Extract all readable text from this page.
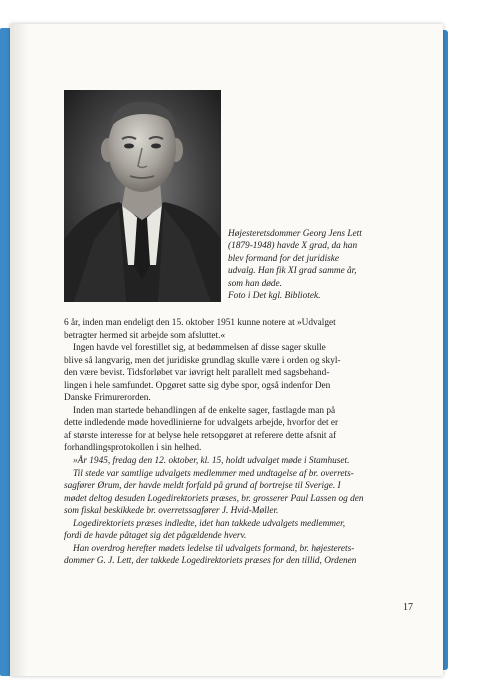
Højesteretsdommer Georg Jens Lett
(1879-1948) havde X grad, da han
blev formand for det juridiske
udvalg. Han fik XI grad samme år,
som han døde.
Foto i Det kgl. Bibliotek.
6 år, inden man endeligt den 15. oktober 1951 kunne notere at »Udvalget
betragter hermed sit arbejde som afsluttet.«
Ingen havde vel forestillet sig, at bedømmelsen af disse sager skulle
blive så langvarig, men det juridiske grundlag skulle være i orden og skyl-
den være bevist. Tidsforløbet var iøvrigt helt parallelt med sagsbehand-
lingen i hele samfundet. Opgøret satte sig dybe spor, også indenfor Den
Danske Frimurerorden.
Inden man startede behandlingen af de enkelte sager, fastlagde man på
dette indledende møde hovedlinierne for udvalgets arbejde, hvorfor det er
af største interesse for at belyse hele retsopgøret at referere dette afsnit af
forhandlingsprotokollen i sin helhed.
»År 1945, fredag den 12. oktober, kl. 15, holdt udvalget møde i Stamhuset.
Til stede var samtlige udvalgets medlemmer med undtagelse af br. overrets-
sagfører Ørum, der havde meldt forfald på grund af bortrejse til Sverige. I
mødet deltog desuden Logedirektoriets præses, br. grosserer Paul Lassen og den
som fiskal beskikkede br. overretssagfører J. Hvid-Møller.
Logedirektoriets præses indledte, idet han takkede udvalgets medlemmer,
fordi de havde påtaget sig det pågældende hverv.
Han overdrog herefter mødets ledelse til udvalgets formand, br. højesterets-
dommer G. J. Lett, der takkede Logedirektoriets præses for den tillid, Ordenen
17
